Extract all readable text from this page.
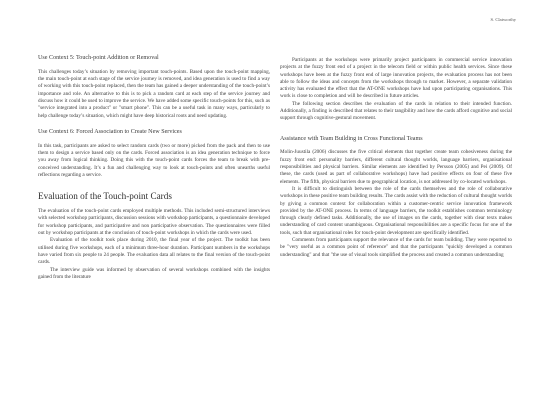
S. Clatworthy
Use Context 5: Touch-point Addition or Removal

This challenges today’s situation by removing important touch-points. Based upon the touch-point mapping, the main touch-point at each stage of the service journey is removed, and idea generation is used to find a way of working with this touch-point replaced, then the team has gained a deeper understanding of the touch-point’s importance and role. An alternative to this is to pick a random card at each step of the service journey and discuss how it could be used to improve the service. We have added some specific touch-points for this, such as "service integrated into a product" or "smart phone". This can be a useful task in many ways, particularly to help challenge today’s situation, which might have deep historical roots and need updating.

Use Context 6: Forced Association to Create New Services

In this task, participants are asked to select random cards (two or more) picked from the pack and then to use them to design a service based only on the cards. Forced association is an idea generation technique to force you away from logical thinking. Doing this with the touch-point cards forces the team to break with pre-conceived understanding. It’s a fun and challenging way to look at touch-points and often unearths useful reflections regarding a service.

Evaluation of the Touch-point Cards

The evaluation of the touch-point cards employed multiple methods. This included semi-structured interviews with selected workshop participants, discussion sessions with workshop participants, a questionnaire developed for workshop participants, and participative and non participative observation. The questionnaires were filled out by workshop participants at the conclusion of touch-point workshops in which the cards were used.

Evaluation of the toolkit took place during 2010, the final year of the project. The toolkit has been utilised during five workshops, each of a minimum three-hour duration. Participant numbers in the workshops have varied from six people to 24 people. The evaluation data all relates to the final version of the touch-point cards.

The interview guide was informed by observation of several workshops combined with the insights gained from the literature

Participants at the workshops were primarily project participants in commercial service innovation projects at the fuzzy front end of a project in the telecom field or within public health services. Since these workshops have been at the fuzzy front end of large innovation projects, the evaluation process has not been able to follow the ideas and concepts from the workshops through to market. However, a separate validation activity has evaluated the effect that the AT-ONE workshops have had upon participating organisations. This work is close to completion and will be described in future articles.

The following section describes the evaluation of the cards in relation to their intended function. Additionally, a finding is described that relates to their tangibility and how the cards afford cognitive and social support through cognitive-gestural movement.

Assistance with Team Building in Cross Functional Teams

Molin-Juustila (2006) discusses the five critical elements that together create team cohesiveness during the fuzzy front end: personality barriers, different cultural thought worlds, language barriers, organisational responsibilities and physical barriers. Similar elements are identified by Persson (2005) and Pei (2009). Of these, the cards (used as part of collaborative workshops) have had positive effects on four of these five elements. The fifth, physical barriers due to geographical location, is not addressed by co-located workshops.

It is difficult to distinguish between the role of the cards themselves and the role of collaborative workshops in these positive team building results. The cards assist with the reduction of cultural thought worlds by giving a common context for collaboration within a customer-centric service innovation framework provided by the AT-ONE process. In terms of language barriers, the toolkit establishes common terminology through clearly defined tasks. Additionally, the use of images on the cards, together with clear texts makes understanding of card content unambiguous. Organisational responsibilities are a specific focus for one of the tools, such that organisational roles for touch-point development are specifically identified.

Comments from participants support the relevance of the cards for team building. They were reported to be "very useful as a common point of reference" and that the participants "quickly developed a common understanding" and that "the use of visual tools simplified the process and created a common understanding
